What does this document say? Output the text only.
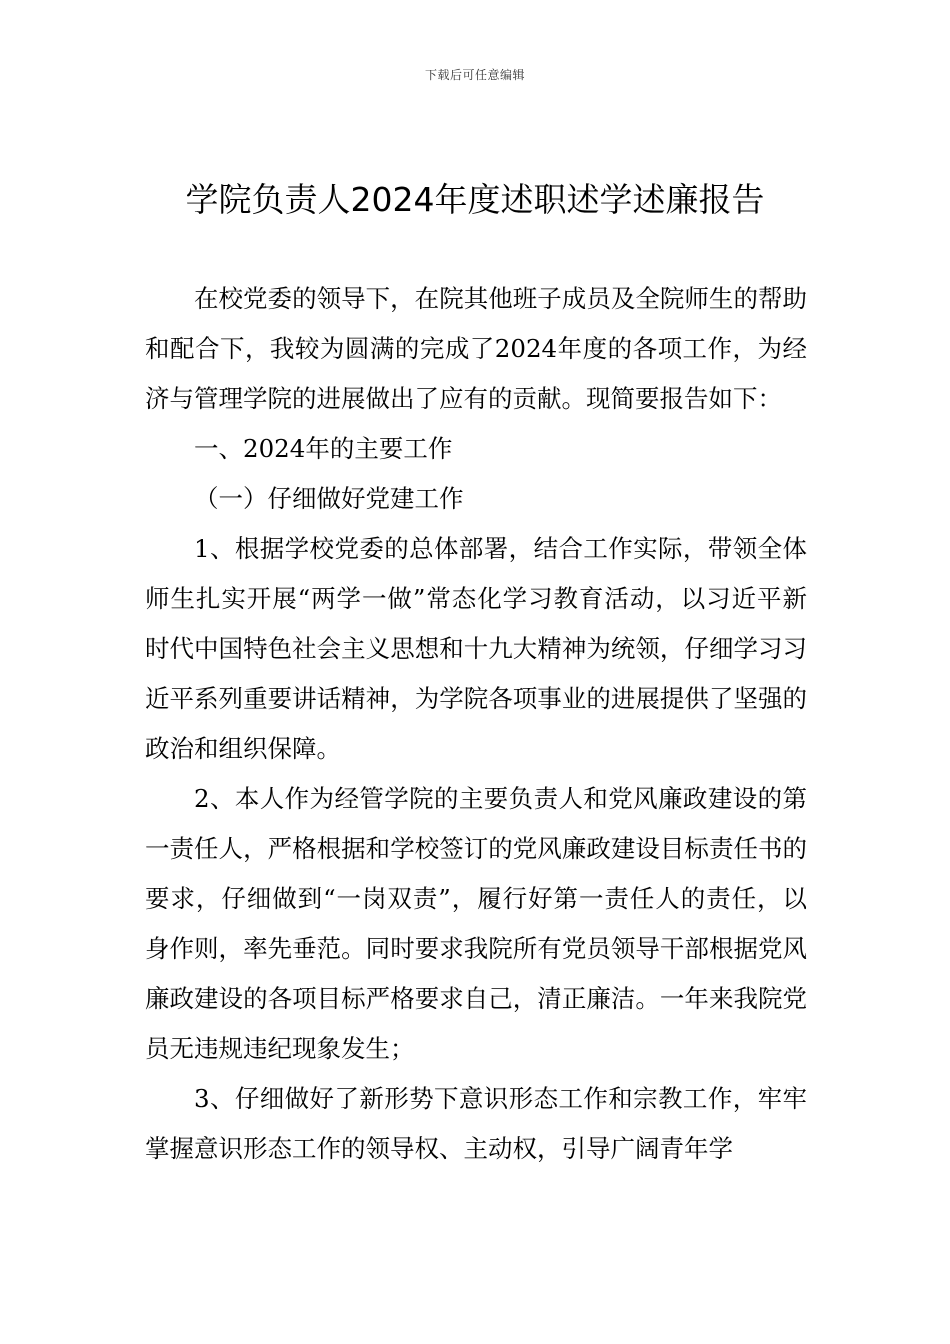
下载后可任意编辑
学院负责人2024年度述职述学述廉报告

在校党委的领导下，在院其他班子成员及全院师生的帮助和配合下，我较为圆满的完成了2024年度的各项工作，为经济与管理学院的进展做出了应有的贡献。现简要报告如下：

一、2024年的主要工作

（一）仔细做好党建工作

1、根据学校党委的总体部署，结合工作实际，带领全体师生扎实开展“两学一做”常态化学习教育活动，以习近平新时代中国特色社会主义思想和十九大精神为统领，仔细学习习近平系列重要讲话精神，为学院各项事业的进展提供了坚强的政治和组织保障。

2、本人作为经管学院的主要负责人和党风廉政建设的第一责任人，严格根据和学校签订的党风廉政建设目标责任书的要求，仔细做到“一岗双责”，履行好第一责任人的责任，以身作则，率先垂范。同时要求我院所有党员领导干部根据党风廉政建设的各项目标严格要求自己，清正廉洁。一年来我院党员无违规违纪现象发生；

3、仔细做好了新形势下意识形态工作和宗教工作，牢牢掌握意识形态工作的领导权、主动权，引导广阔青年学
